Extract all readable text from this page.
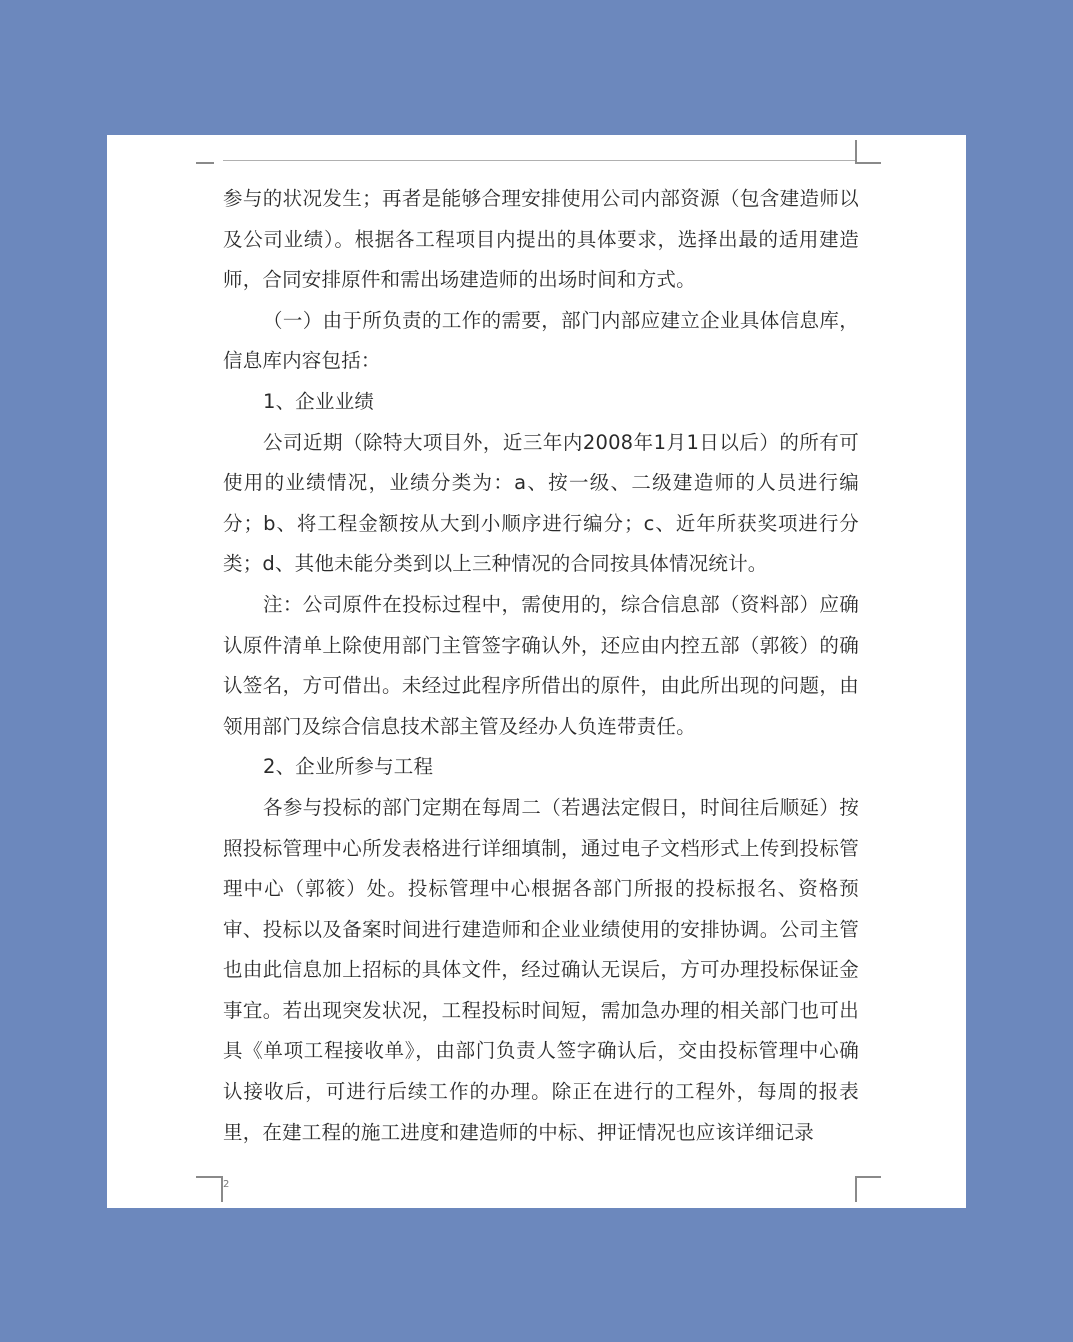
参与的状况发生；再者是能够合理安排使用公司内部资源（包含建造师以及公司业绩）。根据各工程项目内提出的具体要求，选择出最的适用建造师，合同安排原件和需出场建造师的出场时间和方式。

（一）由于所负责的工作的需要，部门内部应建立企业具体信息库，信息库内容包括：

1、企业业绩

公司近期（除特大项目外，近三年内2008年1月1日以后）的所有可使用的业绩情况，业绩分类为：a、按一级、二级建造师的人员进行编分；b、将工程金额按从大到小顺序进行编分；c、近年所获奖项进行分类；d、其他未能分类到以上三种情况的合同按具体情况统计。

注：公司原件在投标过程中，需使用的，综合信息部（资料部）应确认原件清单上除使用部门主管签字确认外，还应由内控五部（郭筱）的确认签名，方可借出。未经过此程序所借出的原件，由此所出现的问题，由领用部门及综合信息技术部主管及经办人负连带责任。

2、企业所参与工程

各参与投标的部门定期在每周二（若遇法定假日，时间往后顺延）按照投标管理中心所发表格进行详细填制，通过电子文档形式上传到投标管理中心（郭筱）处。投标管理中心根据各部门所报的投标报名、资格预审、投标以及备案时间进行建造师和企业业绩使用的安排协调。公司主管也由此信息加上招标的具体文件，经过确认无误后，方可办理投标保证金事宜。若出现突发状况，工程投标时间短，需加急办理的相关部门也可出具《单项工程接收单》，由部门负责人签字确认后，交由投标管理中心确认接收后，可进行后续工作的办理。除正在进行的工程外，每周的报表里，在建工程的施工进度和建造师的中标、押证情况也应该详细记录

2
